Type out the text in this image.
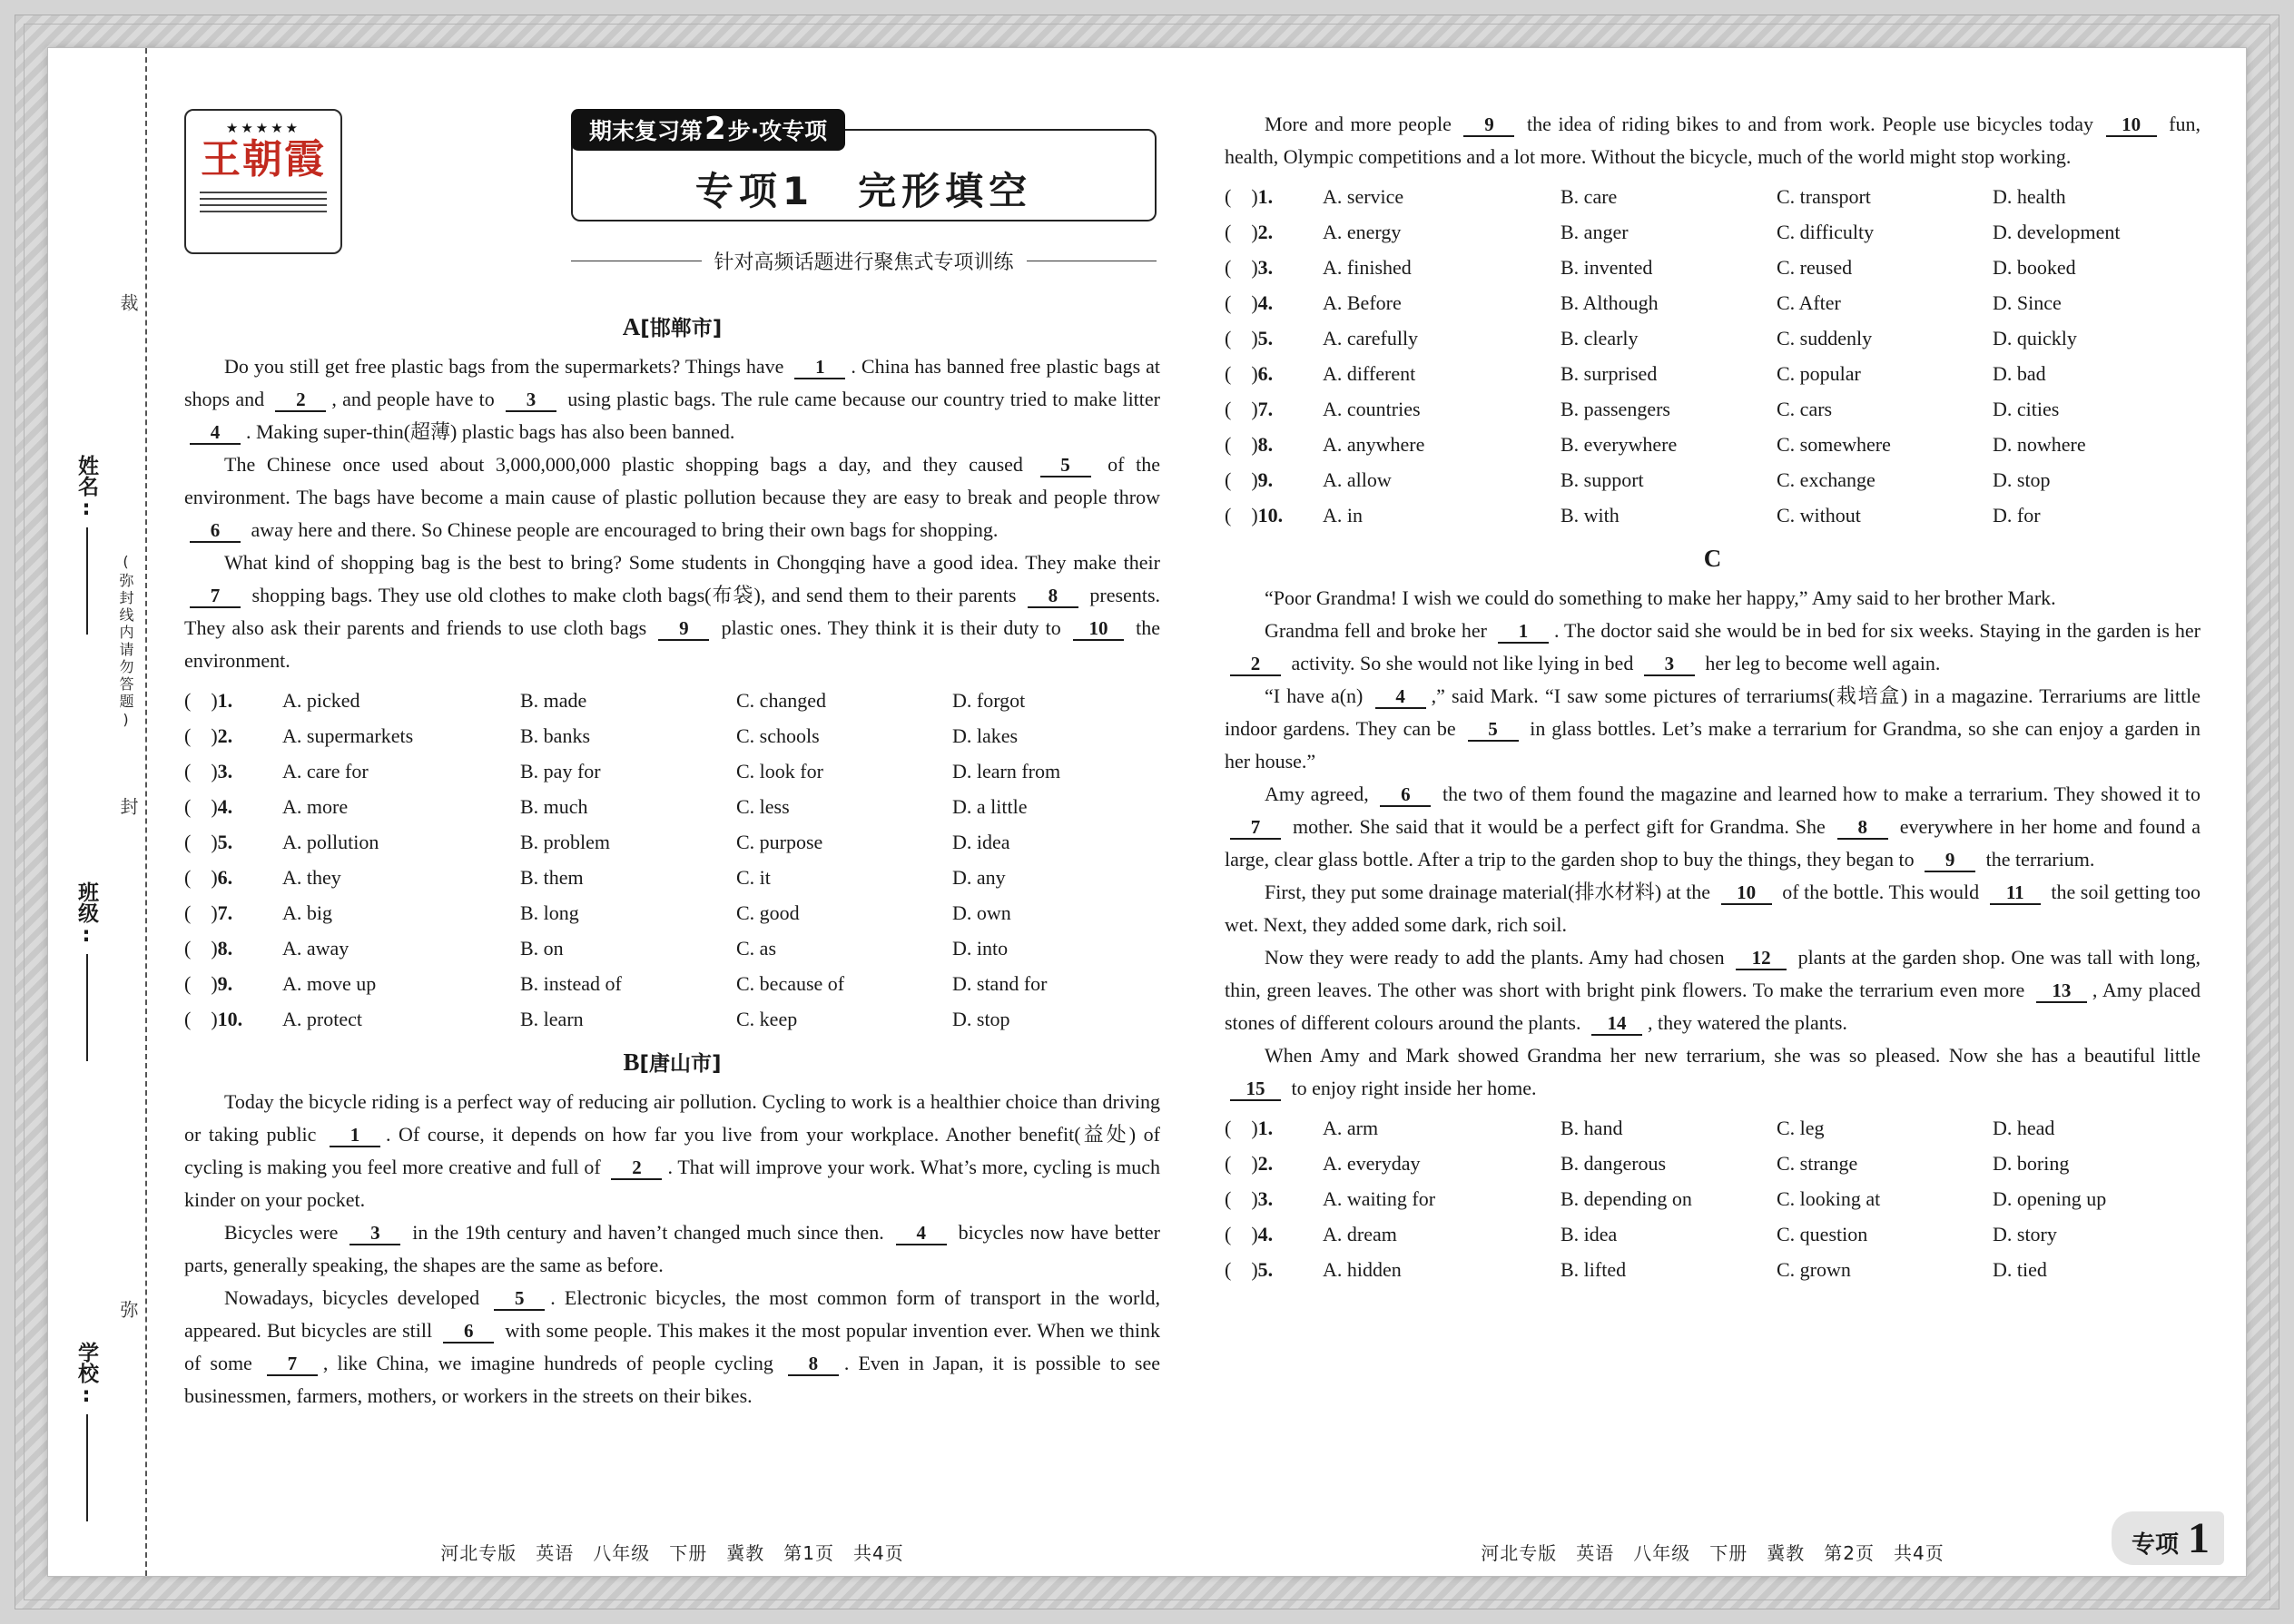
裁
封
弥
(弥封线内请勿答题)
姓名:
班级:
学校:
★★★★★
王朝霞
期末复习第2步·攻专项
专项1　完形填空
针对高频话题进行聚焦式专项训练
A[邯郸市]

Do you still get free plastic bags from the supermarkets? Things have 1 . China has banned free plastic bags at shops and 2 , and people have to 3 using plastic bags. The rule came because our country tried to make litter 4 . Making super-thin(超薄) plastic bags has also been banned.

The Chinese once used about 3,000,000,000 plastic shopping bags a day, and they caused 5 of the environment. The bags have become a main cause of plastic pollution because they are easy to break and people throw 6 away here and there. So Chinese people are encouraged to bring their own bags for shopping.

What kind of shopping bag is the best to bring? Some students in Chongqing have a good idea. They make their 7 shopping bags. They use old clothes to make cloth bags(布袋), and send them to their parents 8 presents. They also ask their parents and friends to use cloth bags 9 plastic ones. They think it is their duty to 10 the environment.

(    )1.	A. picked	B. made	C. changed	D. forgot
(    )2.	A. supermarkets	B. banks	C. schools	D. lakes
(    )3.	A. care for	B. pay for	C. look for	D. learn from
(    )4.	A. more	B. much	C. less	D. a little
(    )5.	A. pollution	B. problem	C. purpose	D. idea
(    )6.	A. they	B. them	C. it	D. any
(    )7.	A. big	B. long	C. good	D. own
(    )8.	A. away	B. on	C. as	D. into
(    )9.	A. move up	B. instead of	C. because of	D. stand for
(    )10.	A. protect	B. learn	C. keep	D. stop
B[唐山市]

Today the bicycle riding is a perfect way of reducing air pollution. Cycling to work is a healthier choice than driving or taking public 1 . Of course, it depends on how far you live from your workplace. Another benefit(益处) of cycling is making you feel more creative and full of 2 . That will improve your work. What’s more, cycling is much kinder on your pocket.

Bicycles were 3 in the 19th century and haven’t changed much since then. 4 bicycles now have better parts, generally speaking, the shapes are the same as before.

Nowadays, bicycles developed 5 . Electronic bicycles, the most common form of transport in the world, appeared. But bicycles are still 6 with some people. This makes it the most popular invention ever. When we think of some 7 , like China, we imagine hundreds of people cycling 8 . Even in Japan, it is possible to see businessmen, farmers, mothers, or workers in the streets on their bikes.

More and more people 9 the idea of riding bikes to and from work. People use bicycles today 10 fun, health, Olympic competitions and a lot more. Without the bicycle, much of the world might stop working.

(    )1.	A. service	B. care	C. transport	D. health
(    )2.	A. energy	B. anger	C. difficulty	D. development
(    )3.	A. finished	B. invented	C. reused	D. booked
(    )4.	A. Before	B. Although	C. After	D. Since
(    )5.	A. carefully	B. clearly	C. suddenly	D. quickly
(    )6.	A. different	B. surprised	C. popular	D. bad
(    )7.	A. countries	B. passengers	C. cars	D. cities
(    )8.	A. anywhere	B. everywhere	C. somewhere	D. nowhere
(    )9.	A. allow	B. support	C. exchange	D. stop
(    )10.	A. in	B. with	C. without	D. for
C

“Poor Grandma! I wish we could do something to make her happy,” Amy said to her brother Mark.

Grandma fell and broke her 1 . The doctor said she would be in bed for six weeks. Staying in the garden is her 2 activity. So she would not like lying in bed 3 her leg to become well again.

“I have a(n) 4 ,” said Mark. “I saw some pictures of terrariums(栽培盒) in a magazine. Terrariums are little indoor gardens. They can be 5 in glass bottles. Let’s make a terrarium for Grandma, so she can enjoy a garden in her house.”

Amy agreed, 6 the two of them found the magazine and learned how to make a terrarium. They showed it to 7 mother. She said that it would be a perfect gift for Grandma. She 8 everywhere in her home and found a large, clear glass bottle. After a trip to the garden shop to buy the things, they began to 9 the terrarium.

First, they put some drainage material(排水材料) at the 10 of the bottle. This would 11 the soil getting too wet. Next, they added some dark, rich soil.

Now they were ready to add the plants. Amy had chosen 12 plants at the garden shop. One was tall with long, thin, green leaves. The other was short with bright pink flowers. To make the terrarium even more 13 , Amy placed stones of different colours around the plants. 14 , they watered the plants.

When Amy and Mark showed Grandma her new terrarium, she was so pleased. Now she has a beautiful little 15 to enjoy right inside her home.

(    )1.	A. arm	B. hand	C. leg	D. head
(    )2.	A. everyday	B. dangerous	C. strange	D. boring
(    )3.	A. waiting for	B. depending on	C. looking at	D. opening up
(    )4.	A. dream	B. idea	C. question	D. story
(    )5.	A. hidden	B. lifted	C. grown	D. tied
河北专版　英语　八年级　下册　冀教　第1页　共4页	河北专版　英语　八年级　下册　冀教　第2页　共4页	专项 1
